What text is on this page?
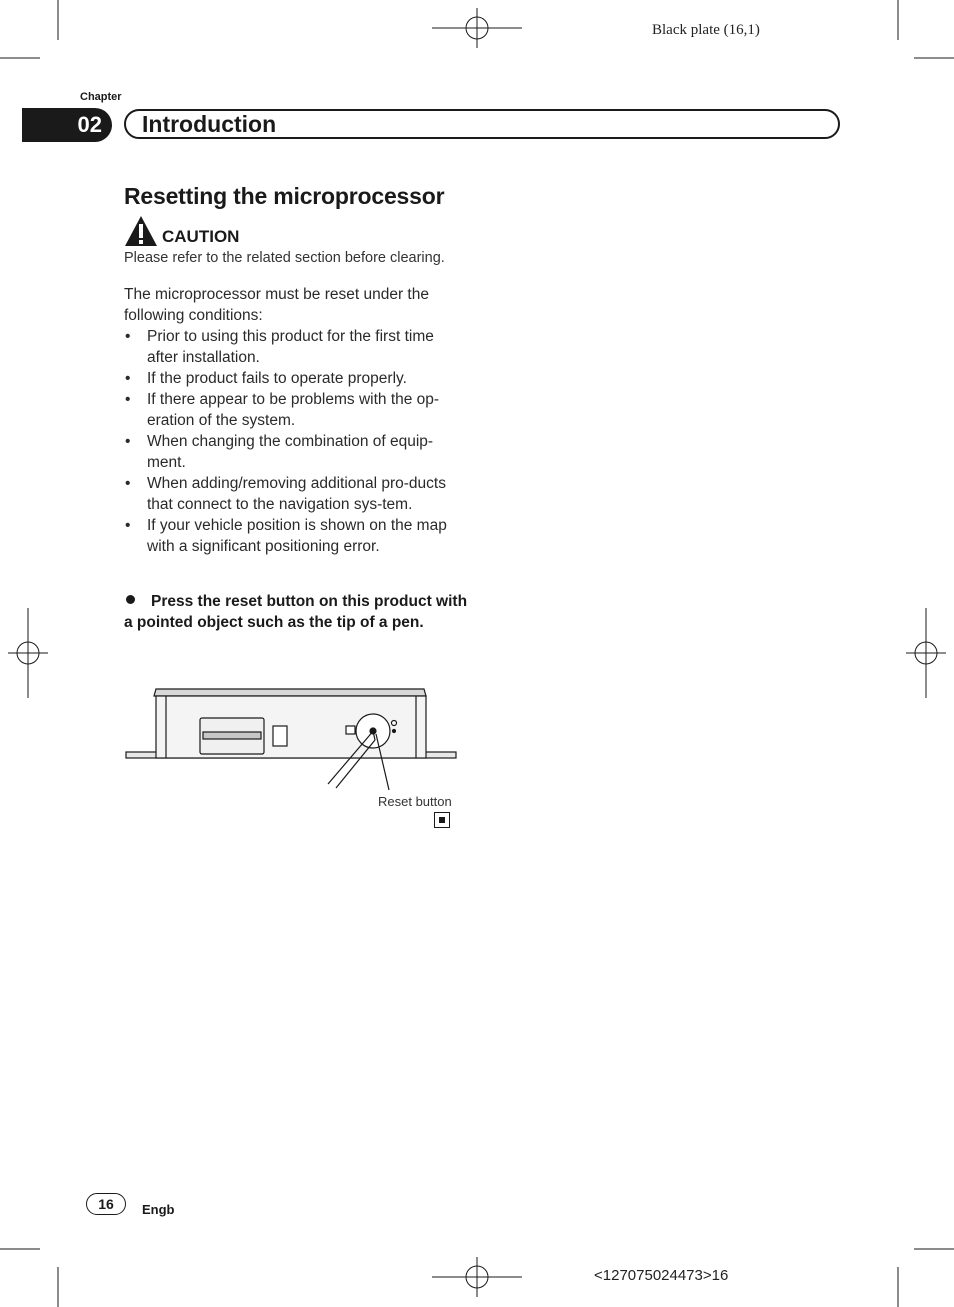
Black plate (16,1)
Chapter
02	Introduction
Resetting the microprocessor
CAUTION
Please refer to the related section before clearing.
The microprocessor must be reset under the following conditions:
• Prior to using this product for the first time after installation.
• If the product fails to operate properly.
• If there appear to be problems with the op-eration of the system.
• When changing the combination of equip-ment.
• When adding/removing additional pro-ducts that connect to the navigation sys-tem.
• If your vehicle position is shown on the map with a significant positioning error.
Press the reset button on this product with a pointed object such as the tip of a pen.
Reset button
16	Engb
<127075024473>16
